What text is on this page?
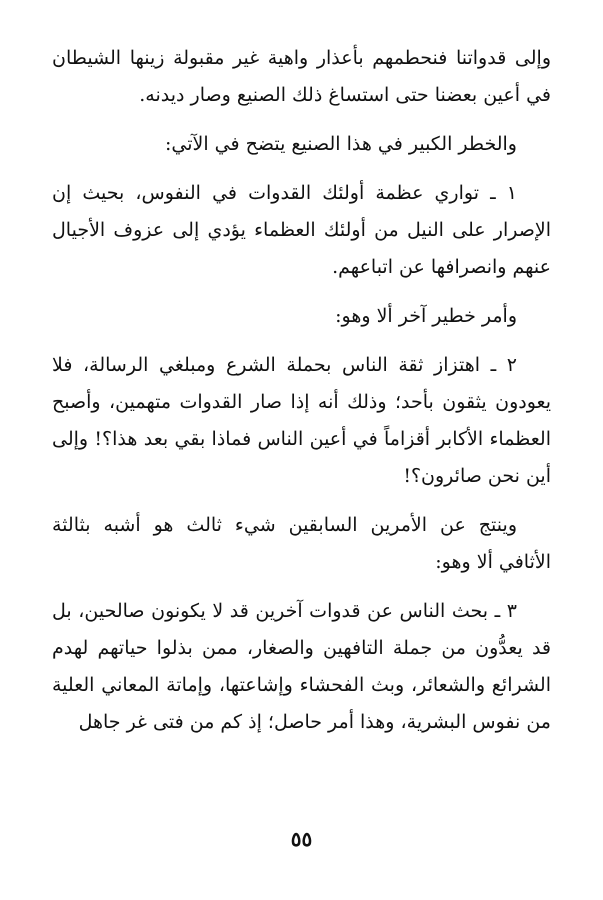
وإلى قدواتنا فنحطمهم بأعذار واهية غير مقبولة زينها الشيطان في أعين بعضنا حتى استساغ ذلك الصنيع وصار ديدنه.

والخطر الكبير في هذا الصنيع يتضح في الآتي:

١ ـ تواري عظمة أولئك القدوات في النفوس، بحيث إن الإصرار على النيل من أولئك العظماء يؤدي إلى عزوف الأجيال عنهم وانصرافها عن اتباعهم.

وأمر خطير آخر ألا وهو:

٢ ـ اهتزاز ثقة الناس بحملة الشرع ومبلغي الرسالة، فلا يعودون يثقون بأحد؛ وذلك أنه إذا صار القدوات متهمين، وأصبح العظماء الأكابر أقزاماً في أعين الناس فماذا بقي بعد هذا؟! وإلى أين نحن صائرون؟!

وينتج عن الأمرين السابقين شيء ثالث هو أشبه بثالثة الأثافي ألا وهو:

٣ ـ بحث الناس عن قدوات آخرين قد لا يكونون صالحين، بل قد يعدُّون من جملة التافهين والصغار، ممن بذلوا حياتهم لهدم الشرائع والشعائر، وبث الفحشاء وإشاعتها، وإماتة المعاني العلية من نفوس البشرية، وهذا أمر حاصل؛ إذ كم من فتى غر جاهل

٥٥
